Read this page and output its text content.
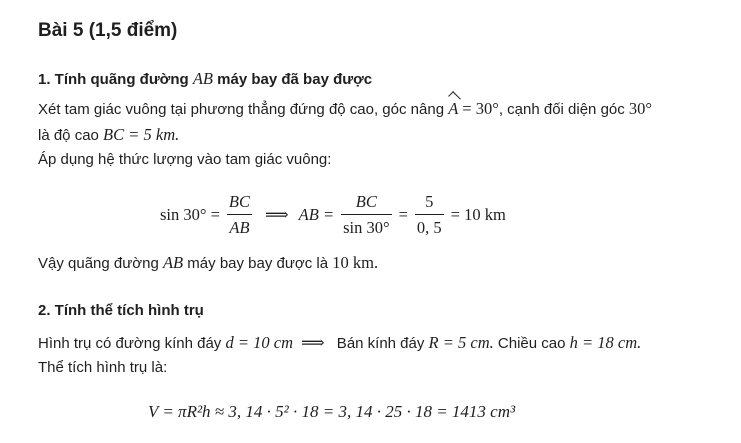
Bài 5 (1,5 điểm)
1. Tính quãng đường AB máy bay đã bay được
Xét tam giác vuông tại phương thẳng đứng độ cao, góc nâng A = 30°, cạnh đối diện góc 30°
là độ cao BC = 5 km.
Áp dụng hệ thức lượng vào tam giác vuông:
$\sin 30^\circ = \frac{BC}{AB}$ ⟹ AB = $\frac{BC}{\sin 30^\circ} = \frac{5}{0, 5} = 10$ km
Vậy quãng đường AB máy bay bay được là 10 km.
2. Tính thể tích hình trụ
Hình trụ có đường kính đáy d = 10 cm ⟹ Bán kính đáy R = 5 cm. Chiều cao h = 18 cm.
Thể tích hình trụ là:
V = πR²h ≈ 3, 14 · 5² · 18 = 3, 14 · 25 · 18 = 1413 cm³
